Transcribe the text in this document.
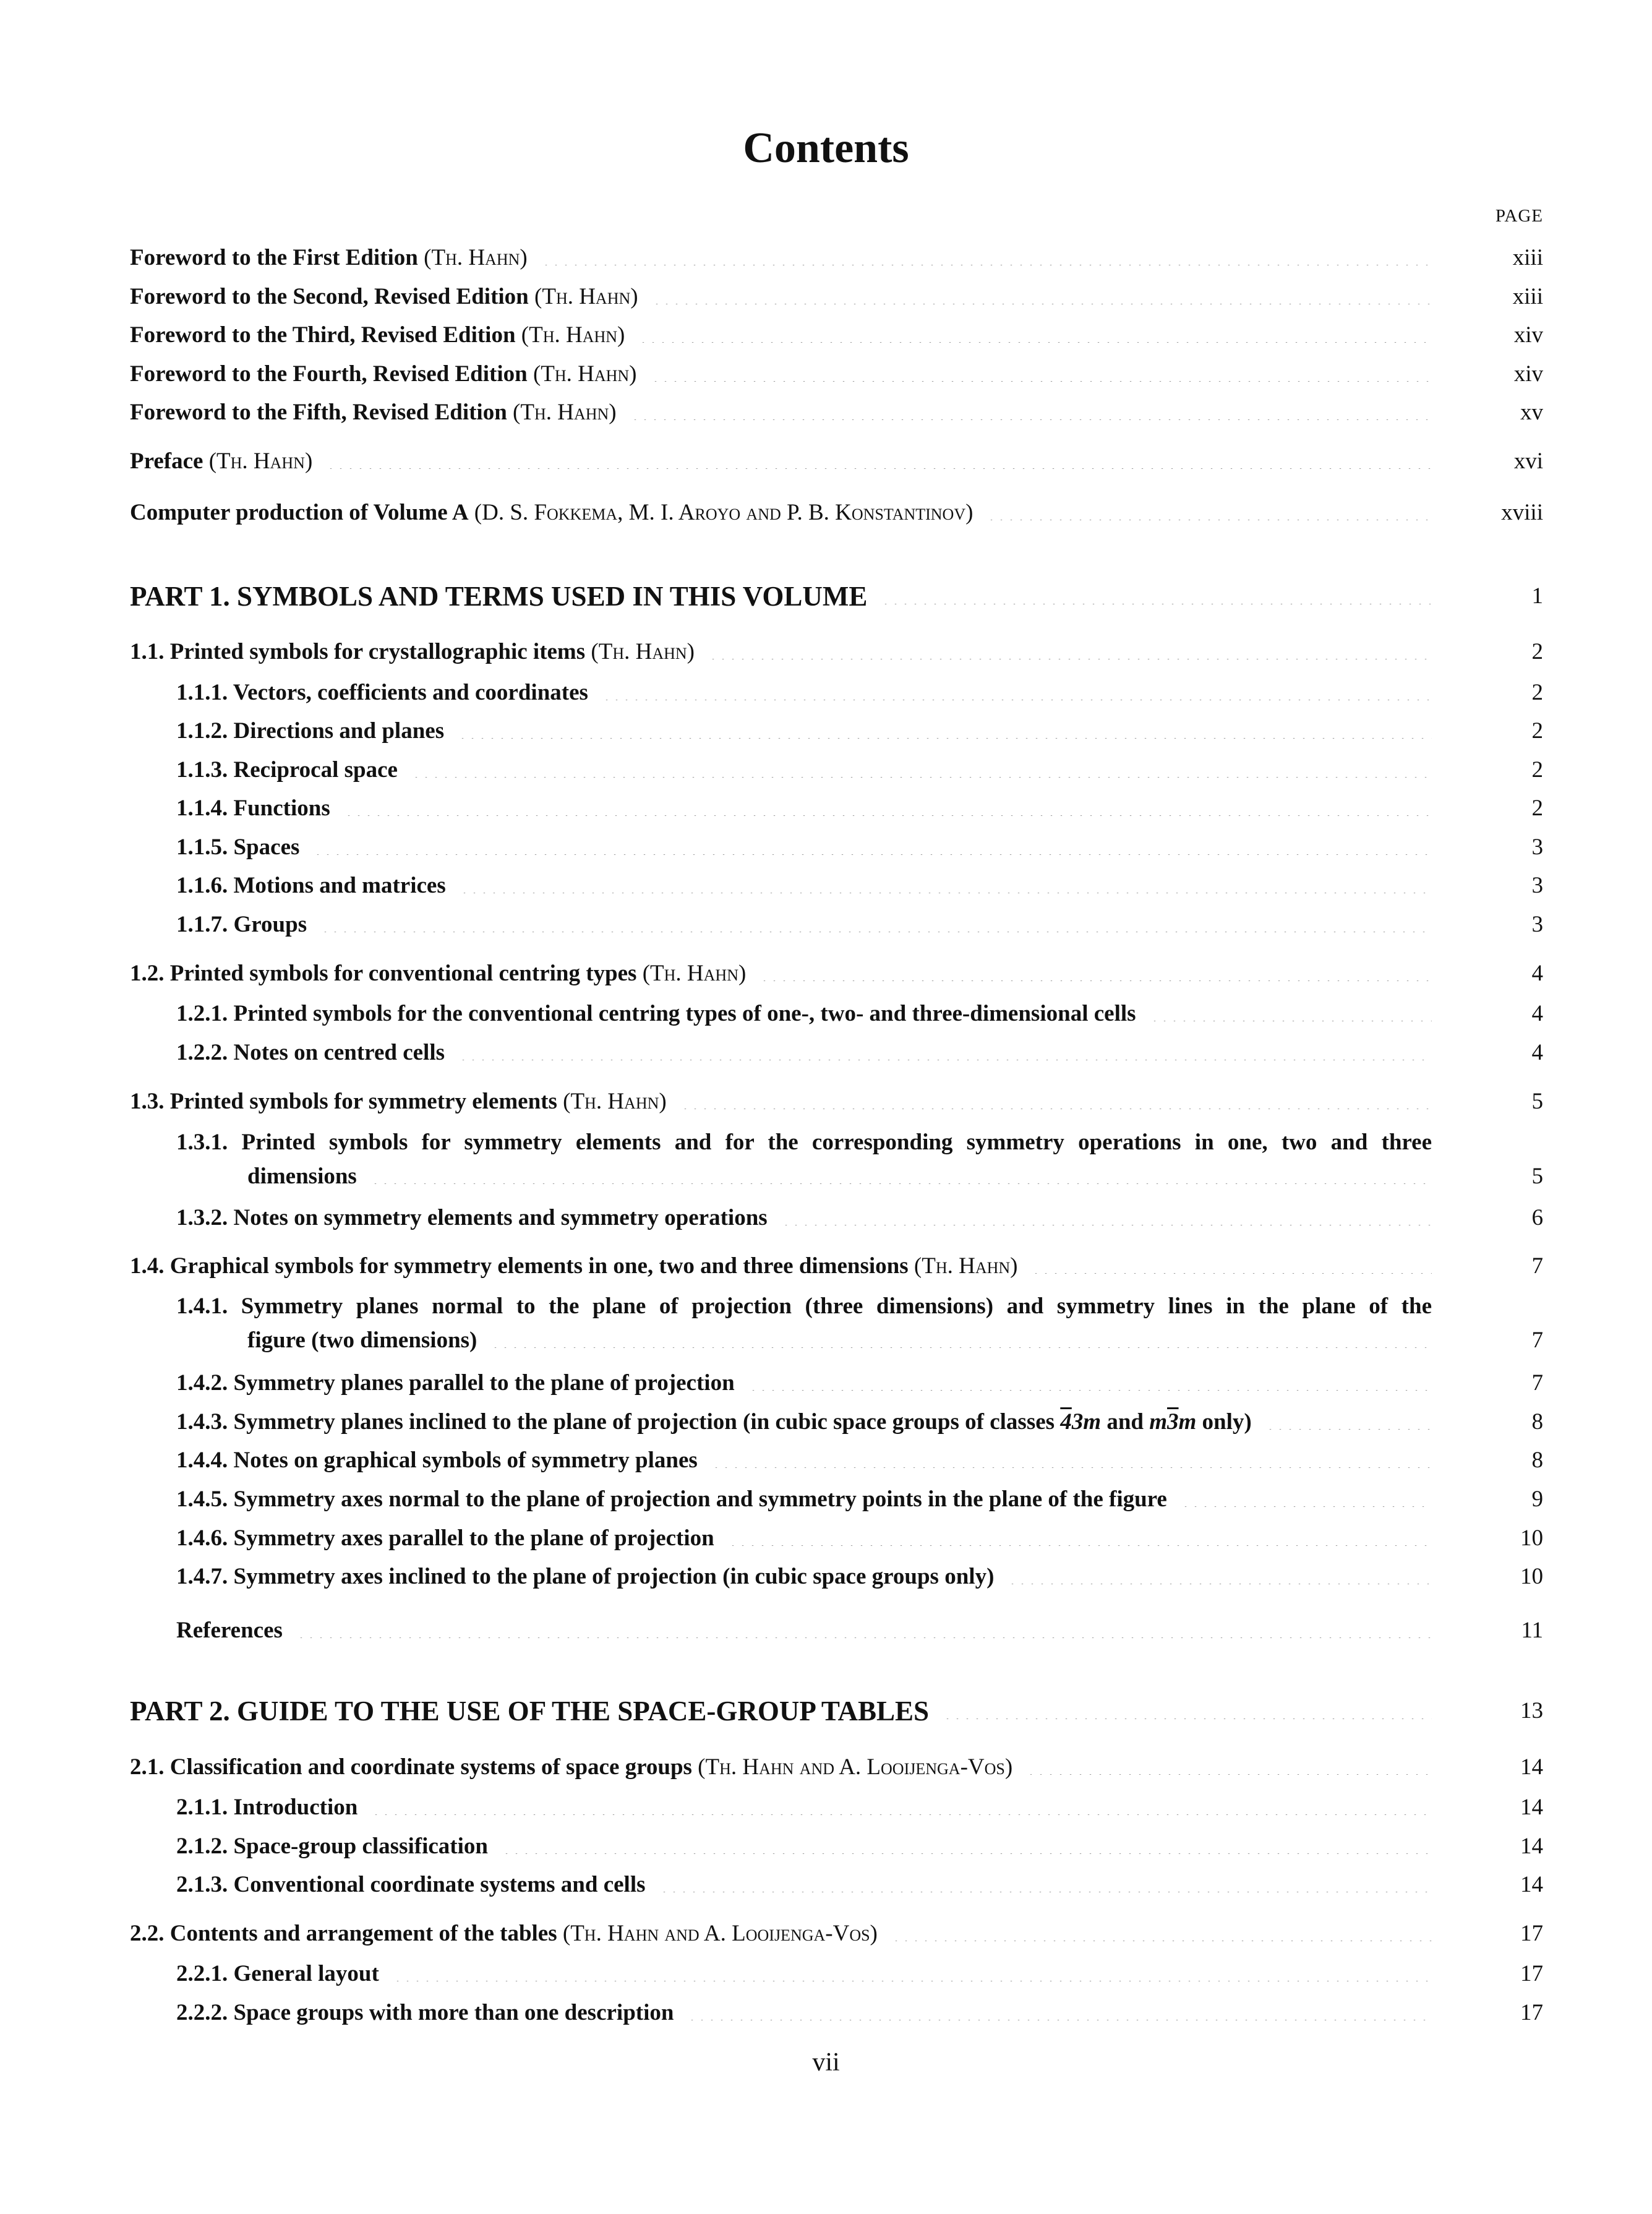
Contents
PAGE
Foreword to the First Edition (Th. Hahn)	xiii
Foreword to the Second, Revised Edition (Th. Hahn)	xiii
Foreword to the Third, Revised Edition (Th. Hahn)	xiv
Foreword to the Fourth, Revised Edition (Th. Hahn)	xiv
Foreword to the Fifth, Revised Edition (Th. Hahn)	xv
Preface (Th. Hahn)	xvi
Computer production of Volume A (D. S. Fokkema, M. I. Aroyo and P. B. Konstantinov)	xviii
PART 1. SYMBOLS AND TERMS USED IN THIS VOLUME	1
1.1. Printed symbols for crystallographic items (Th. Hahn)	2
1.1.1. Vectors, coefficients and coordinates	2
1.1.2. Directions and planes	2
1.1.3. Reciprocal space	2
1.1.4. Functions	2
1.1.5. Spaces	3
1.1.6. Motions and matrices	3
1.1.7. Groups	3
1.2. Printed symbols for conventional centring types (Th. Hahn)	4
1.2.1. Printed symbols for the conventional centring types of one-, two- and three-dimensional cells	4
1.2.2. Notes on centred cells	4
1.3. Printed symbols for symmetry elements (Th. Hahn)	5
1.3.1. Printed symbols for symmetry elements and for the corresponding symmetry operations in one, two and three
dimensions	5
1.3.2. Notes on symmetry elements and symmetry operations	6
1.4. Graphical symbols for symmetry elements in one, two and three dimensions (Th. Hahn)	7
1.4.1. Symmetry planes normal to the plane of projection (three dimensions) and symmetry lines in the plane of the
figure (two dimensions)	7
1.4.2. Symmetry planes parallel to the plane of projection	7
1.4.3. Symmetry planes inclined to the plane of projection (in cubic space groups of classes 43m and m3m only)	8
1.4.4. Notes on graphical symbols of symmetry planes	8
1.4.5. Symmetry axes normal to the plane of projection and symmetry points in the plane of the figure	9
1.4.6. Symmetry axes parallel to the plane of projection	10
1.4.7. Symmetry axes inclined to the plane of projection (in cubic space groups only)	10
References	11
PART 2. GUIDE TO THE USE OF THE SPACE-GROUP TABLES	13
2.1. Classification and coordinate systems of space groups (Th. Hahn and A. Looijenga-Vos)	14
2.1.1. Introduction	14
2.1.2. Space-group classification	14
2.1.3. Conventional coordinate systems and cells	14
2.2. Contents and arrangement of the tables (Th. Hahn and A. Looijenga-Vos)	17
2.2.1. General layout	17
2.2.2. Space groups with more than one description	17
vii
